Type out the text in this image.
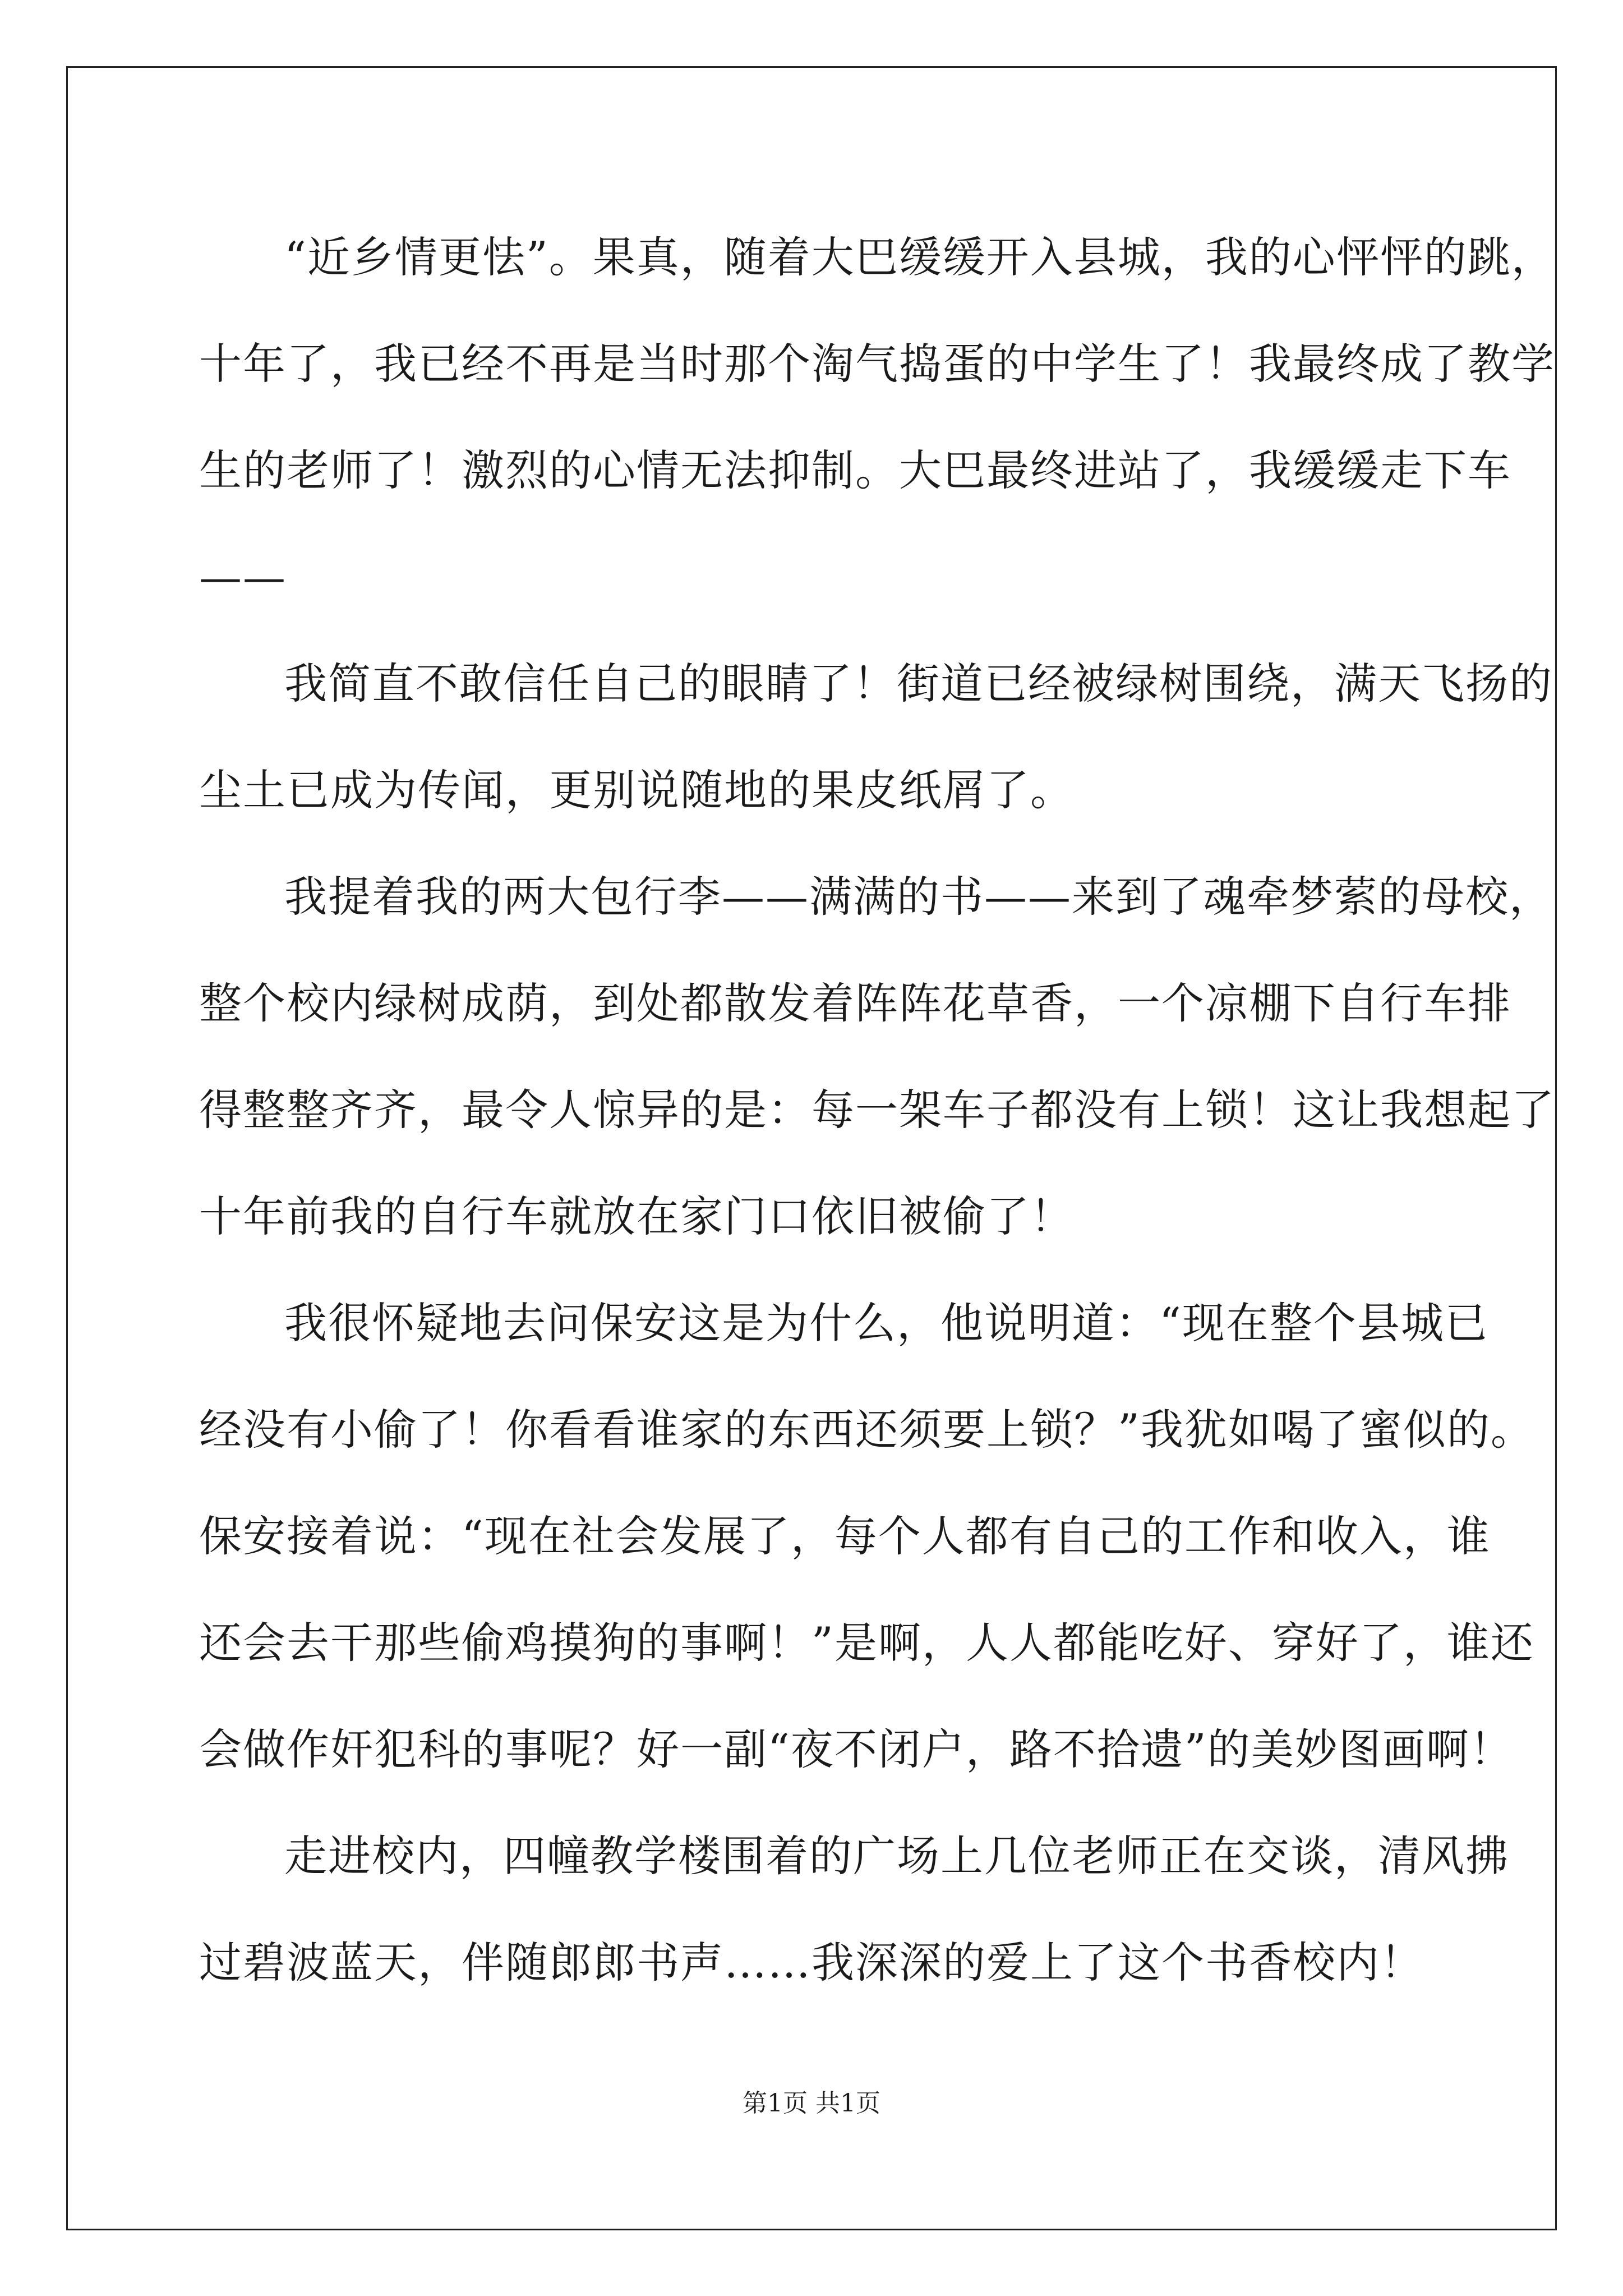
“近乡情更怯”。果真，随着大巴缓缓开入县城，我的心怦怦的跳，
十年了，我已经不再是当时那个淘气捣蛋的中学生了！我最终成了教学
生的老师了！激烈的心情无法抑制。大巴最终进站了，我缓缓走下车
——
我简直不敢信任自己的眼睛了！街道已经被绿树围绕，满天飞扬的
尘土已成为传闻，更别说随地的果皮纸屑了。
我提着我的两大包行李——满满的书——来到了魂牵梦萦的母校，
整个校内绿树成荫，到处都散发着阵阵花草香，一个凉棚下自行车排
得整整齐齐，最令人惊异的是：每一架车子都没有上锁！这让我想起了
十年前我的自行车就放在家门口依旧被偷了！
我很怀疑地去问保安这是为什么，他说明道：“现在整个县城已
经没有小偷了！你看看谁家的东西还须要上锁？”我犹如喝了蜜似的。
保安接着说：“现在社会发展了，每个人都有自己的工作和收入，谁
还会去干那些偷鸡摸狗的事啊！”是啊，人人都能吃好、穿好了，谁还
会做作奸犯科的事呢？好一副“夜不闭户，路不拾遗”的美妙图画啊！
走进校内，四幢教学楼围着的广场上几位老师正在交谈，清风拂
过碧波蓝天，伴随郎郎书声……我深深的爱上了这个书香校内！
第1页 共1页
